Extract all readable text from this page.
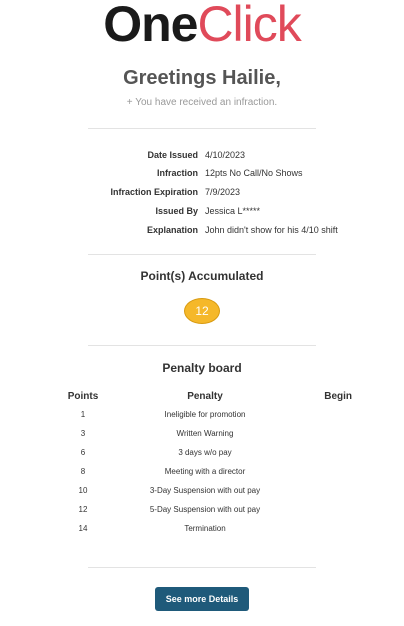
OneClick
Greetings Hailie,
+ You have received an infraction.
Date Issued 4/10/2023
Infraction 12pts No Call/No Shows
Infraction Expiration 7/9/2023
Issued By Jessica L*****
Explanation John didn't show for his 4/10 shift
Point(s) Accumulated
12
Penalty board
Points	Penalty	Begin
1	Ineligible for promotion	
3	Written Warning	
6	3 days w/o pay	
8	Meeting with a director	
10	3-Day Suspension with out pay	
12	5-Day Suspension with out pay	
14	Termination	
See more Details
